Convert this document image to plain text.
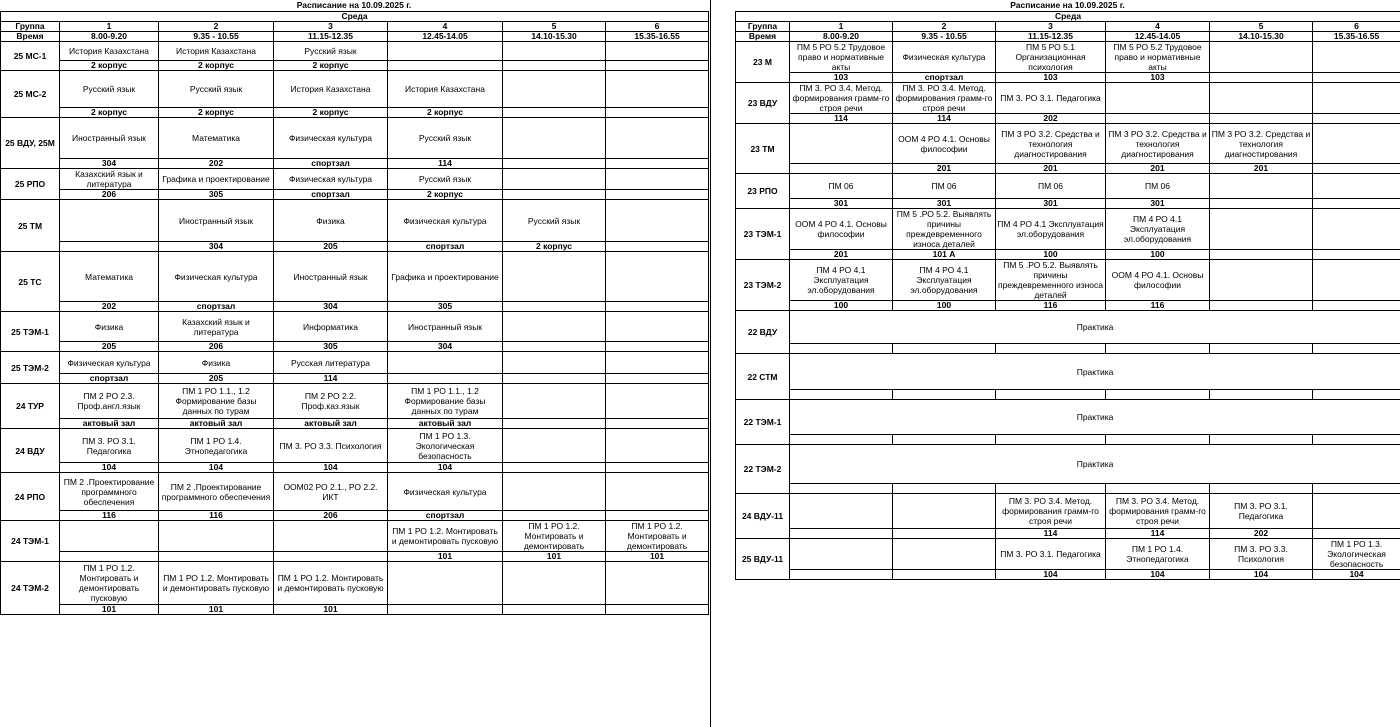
Расписание на 10.09.2025 г.
Среда						
Группа	1	2	3	4	5	6
Время	8.00-9.20	9.35 - 10.55	11.15-12.35	12.45-14.05	14.10-15.30	15.35-16.55
25 МС-1	История Казахстана	История Казахстана	Русский язык			
	2 корпус	2 корпус	2 корпус			
25 МС-2	Русский язык	Русский язык	История Казахстана	История Казахстана		
	2 корпус	2 корпус	2 корпус	2 корпус		
25 ВДУ, 25М	Иностранный язык	Математика	Физическая культура	Русский язык		
	304	202	спортзал	114		
25 РПО	Казахский язык и литература	Графика и проектирование	Физическая культура	Русский язык		
	206	305	спортзал	2 корпус		
25 ТМ		Иностранный язык	Физика	Физическая культура	Русский язык	
		304	205	спортзал	2 корпус	
25 ТС	Математика	Физическая культура	Иностранный язык	Графика и проектирование		
	202	спортзал	304	305		
25 ТЭМ-1	Физика	Казахский язык и литература	Информатика	Иностранный язык		
	205	206	305	304		
25 ТЭМ-2	Физическая культура	Физика	Русская литература			
	спортзал	205	114			
24 ТУР	ПМ 2 РО 2.3. Проф.англ.язык	ПМ 1 РО 1.1., 1.2 Формирование базы данных по турам	ПМ 2 РО 2.2. Проф.каз.язык	ПМ 1 РО 1.1., 1.2 Формирование базы данных по турам		
	актовый зал	актовый зал	актовый зал	актовый зал		
24 ВДУ	ПМ 3. РО 3.1. Педагогика	ПМ 1 РО 1.4. Этнопедагогика	ПМ 3. РО 3.3. Психология	ПМ 1 РО 1.3. Экологическая безопасность		
	104	104	104	104		
24 РПО	ПМ 2 .Проектирование программного обеспечения	ПМ 2 .Проектирование программного обеспечения	ООМ02 РО 2.1., РО 2.2. ИКТ	Физическая культура		
	116	116	206	спортзал		
24 ТЭМ-1				ПМ 1 РО 1.2. Монтировать и демонтировать пусковую	ПМ 1 РО 1.2. Монтировать и демонтировать	ПМ 1 РО 1.2. Монтировать и демонтировать
				101	101	101
24 ТЭМ-2	ПМ 1 РО 1.2. Монтировать и демонтировать пусковую	ПМ 1 РО 1.2. Монтировать и демонтировать пусковую	ПМ 1 РО 1.2. Монтировать и демонтировать пусковую			
	101	101	101			
Расписание на 10.09.2025 г.
Среда						
Группа	1	2	3	4	5	6
Время	8.00-9.20	9.35 - 10.55	11.15-12.35	12.45-14.05	14.10-15.30	15.35-16.55
23 М	ПМ 5 РО 5.2 Трудовое право и нормативные акты	Физическая культура	ПМ 5 РО 5.1 Организационная психология	ПМ 5 РО 5.2 Трудовое право и нормативные акты		
	103	спортзал	103	103		
23 ВДУ	ПМ 3. РО 3.4. Метод. формирования грамм-го строя речи	ПМ 3. РО 3.4. Метод. формирования грамм-го строя речи	ПМ 3. РО 3.1. Педагогика			
	114	114	202			
23 ТМ		ООМ 4 РО 4.1. Основы философии	ПМ 3 РО 3.2. Средства и технология диагностирования	ПМ 3 РО 3.2. Средства и технология диагностирования	ПМ 3 РО 3.2. Средства и технология диагностирования	
		201	201	201	201	
23 РПО	ПМ 06	ПМ 06	ПМ 06	ПМ 06		
	301	301	301	301		
23 ТЭМ-1	ООМ 4 РО 4.1. Основы философии	ПМ 5 .РО 5.2. Выявлять причины преждевременного износа деталей	ПМ 4 РО 4.1 Эксплуатация эл.оборудования	ПМ 4 РО 4.1 Эксплуатация эл.оборудования		
	201	101 А	100	100		
23 ТЭМ-2	ПМ 4 РО 4.1 Эксплуатация эл.оборудования	ПМ 4 РО 4.1 Эксплуатация эл.оборудования	ПМ 5 .РО 5.2. Выявлять причины преждевременного износа деталей	ООМ 4 РО 4.1. Основы философии		
	100	100	116	116		
22 ВДУ	Практика					

22 СТМ	Практика					

22 ТЭМ-1	Практика					

22 ТЭМ-2	Практика					

24 ВДУ-11			ПМ 3. РО 3.4. Метод. формирования грамм-го строя речи	ПМ 3. РО 3.4. Метод. формирования грамм-го строя речи	ПМ 3. РО 3.1. Педагогика	
			114	114	202	
25 ВДУ-11			ПМ 3. РО 3.1. Педагогика	ПМ 1 РО 1.4. Этнопедагогика	ПМ 3. РО 3.3. Психология	ПМ 1 РО 1.3. Экологическая безопасность
			104	104	104	104
